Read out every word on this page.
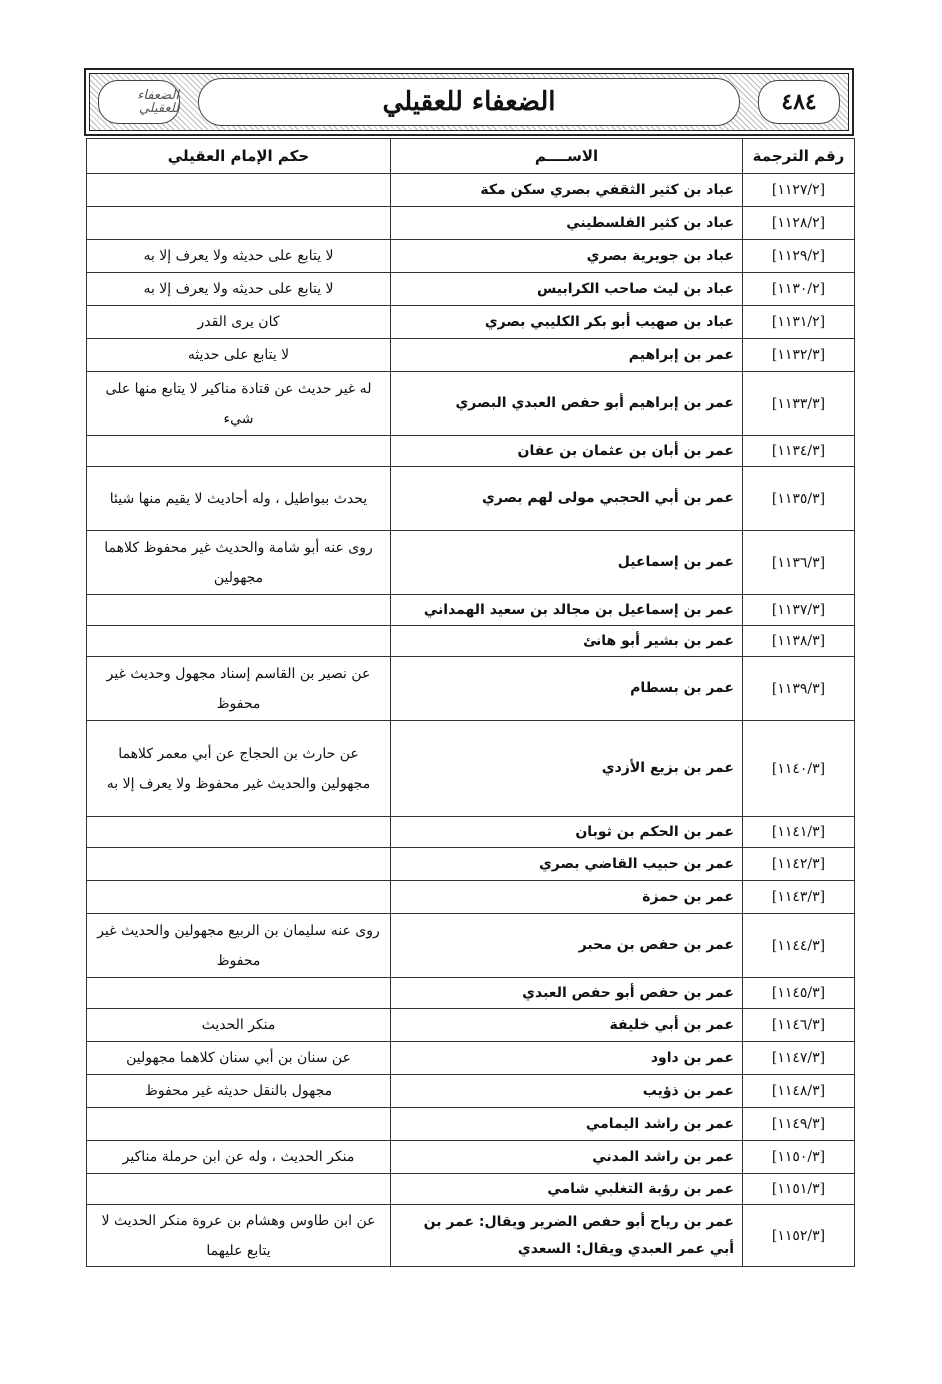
٤٨٤
الضعفاء للعقيلي
الضعفاء للعقيلي
رقم الترجمة	الاســــم	حكم الإمام العقيلي
[١١٢٧/٢]	عباد بن كثير الثقفي بصري سكن مكة	
[١١٢٨/٢]	عباد بن كثير الفلسطيني	
[١١٢٩/٢]	عباد بن جويرية بصري	لا يتابع على حديثه ولا يعرف إلا به
[١١٣٠/٢]	عباد بن ليث صاحب الكرابيس	لا يتابع على حديثه ولا يعرف إلا به
[١١٣١/٢]	عباد بن صهيب أبو بكر الكليبي بصري	كان يرى القدر
[١١٣٢/٣]	عمر بن إبراهيم	لا يتابع على حديثه
[١١٣٣/٣]	عمر بن إبراهيم أبو حفص العبدي البصري	له غير حديث عن قتادة مناكير لا يتابع منها على شيء
[١١٣٤/٣]	عمر بن أبان بن عثمان بن عفان	
[١١٣٥/٣]	عمر بن أبي الحجبي مولى لهم بصري	يحدث ببواطيل ، وله أحاديث لا يقيم منها شيئا
[١١٣٦/٣]	عمر بن إسماعيل	روى عنه أبو شامة والحديث غير محفوظ كلاهما مجهولين
[١١٣٧/٣]	عمر بن إسماعيل بن مجالد بن سعيد الهمداني	
[١١٣٨/٣]	عمر بن بشير أبو هانئ	
[١١٣٩/٣]	عمر بن بسطام	عن نصير بن القاسم إسناد مجهول وحديث غير محفوظ
[١١٤٠/٣]	عمر بن بزيع الأزدي	عن حارث بن الحجاج عن أبي معمر كلاهما مجهولين والحديث غير محفوظ ولا يعرف إلا به
[١١٤١/٣]	عمر بن الحكم بن ثوبان	
[١١٤٢/٣]	عمر بن حبيب القاضي بصري	
[١١٤٣/٣]	عمر بن حمزة	
[١١٤٤/٣]	عمر بن حفص بن محبر	روى عنه سليمان بن الربيع مجهولين والحديث غير محفوظ
[١١٤٥/٣]	عمر بن حفص أبو حفص العبدي	
[١١٤٦/٣]	عمر بن أبي خليفة	منكر الحديث
[١١٤٧/٣]	عمر بن داود	عن سنان بن أبي سنان كلاهما مجهولين
[١١٤٨/٣]	عمر بن ذؤيب	مجهول بالنقل حديثه غير محفوظ
[١١٤٩/٣]	عمر بن راشد اليمامي	
[١١٥٠/٣]	عمر بن راشد المدني	منكر الحديث ، وله عن ابن حرملة مناكير
[١١٥١/٣]	عمر بن رؤبة التغلبي شامي	
[١١٥٢/٣]	عمر بن رياح أبو حفص الضرير ويقال: عمر بن أبي عمر العبدي ويقال: السعدي	عن ابن طاوس وهشام بن عروة منكر الحديث لا يتابع عليهما
